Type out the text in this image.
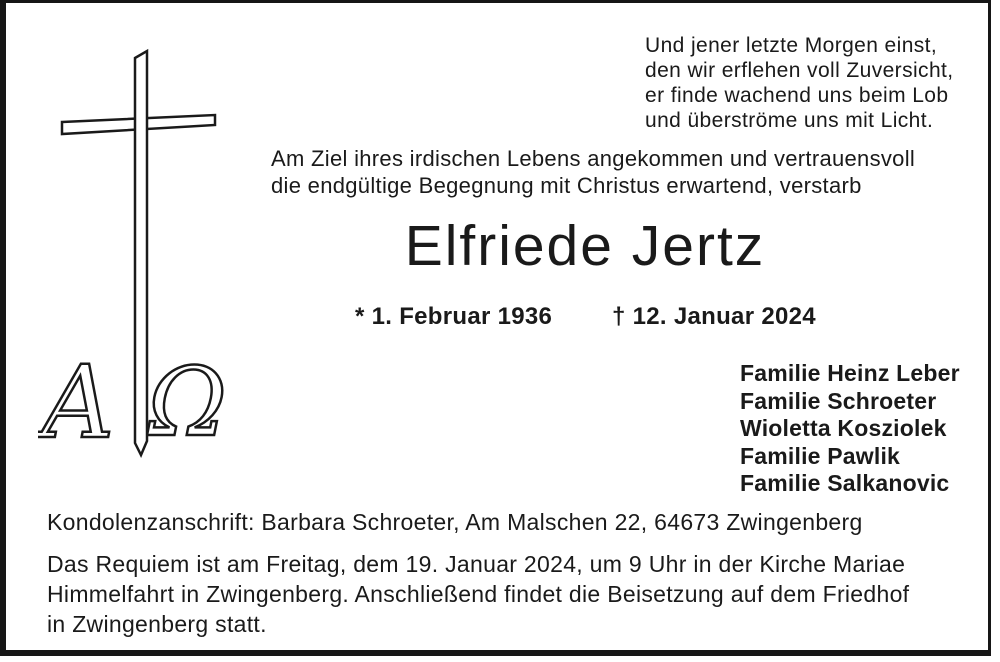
Α Ω
Und jener letzte Morgen einst,
den wir erflehen voll Zuversicht,
er finde wachend uns beim Lob
und überströme uns mit Licht.
Am Ziel ihres irdischen Lebens angekommen und vertrauensvoll
die endgültige Begegnung mit Christus erwartend, verstarb
Elfriede Jertz
* 1. Februar 1936 † 12. Januar 2024
Familie Heinz Leber
Familie Schroeter
Wioletta Kosziolek
Familie Pawlik
Familie Salkanovic
Kondolenzanschrift: Barbara Schroeter, Am Malschen 22, 64673 Zwingenberg
Das Requiem ist am Freitag, dem 19. Januar 2024, um 9 Uhr in der Kirche Mariae
Himmelfahrt in Zwingenberg. Anschließend findet die Beisetzung auf dem Friedhof
in Zwingenberg statt.
